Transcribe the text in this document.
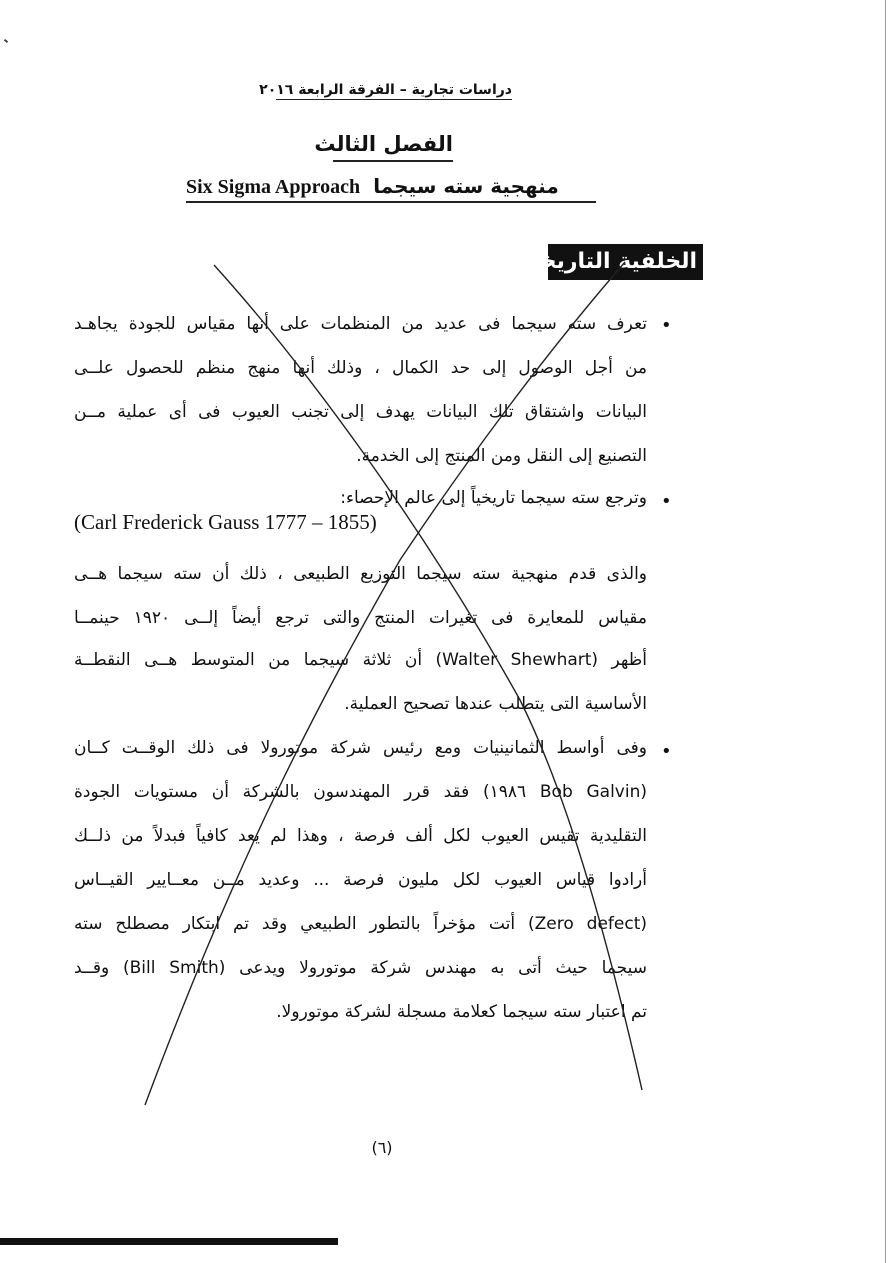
دراسات تجارية – الفرقة الرابعة ٢٠١٦
الفصل الثالث
Six Sigma Approach منهجية سته سيجما
الخلفية التاريخية:
•
تعرف سته سيجما فى عديد من المنظمات على أنها مقياس للجودة يجاهـد
من أجل الوصول إلى حد الكمال ، وذلك أنها منهج منظم للحصول علــى
البيانات واشتقاق تلك البيانات يهدف إلى تجنب العيوب فى أى عملية مــن
التصنيع إلى النقل ومن المنتج إلى الخدمة.
•
وترجع سته سيجما تاريخياً إلى عالم الإحصاء:
(Carl Frederick Gauss 1777 – 1855)
والذى قدم منهجية سته سيجما التوزيع الطبيعى ، ذلك أن سته سيجما هــى
مقياس للمعايرة فى تغيرات المنتج والتى ترجع أيضاً إلــى ١٩٢٠ حينمــا
أظهر (Walter Shewhart) أن ثلاثة سيجما من المتوسط هــى النقطــة
الأساسية التى يتطلب عندها تصحيح العملية.
•
وفى أواسط الثمانينيات ومع رئيس شركة موتورولا فى ذلك الوقــت كــان
(Bob Galvin ١٩٨٦) فقد قرر المهندسون بالشركة أن مستويات الجودة
التقليدية تقيس العيوب لكل ألف فرصة ، وهذا لم يعد كافياً فبدلاً من ذلــك
أرادوا قياس العيوب لكل مليون فرصة ... وعديد مــن معــايير القيــاس
(Zero defect) أتت مؤخراً بالتطور الطبيعي وقد تم ابتكار مصطلح سته
سيجما حيث أتى به مهندس شركة موتورولا ويدعى (Bill Smith) وقــد
تم اعتبار سته سيجما كعلامة مسجلة لشركة موتورولا.
(٦)
